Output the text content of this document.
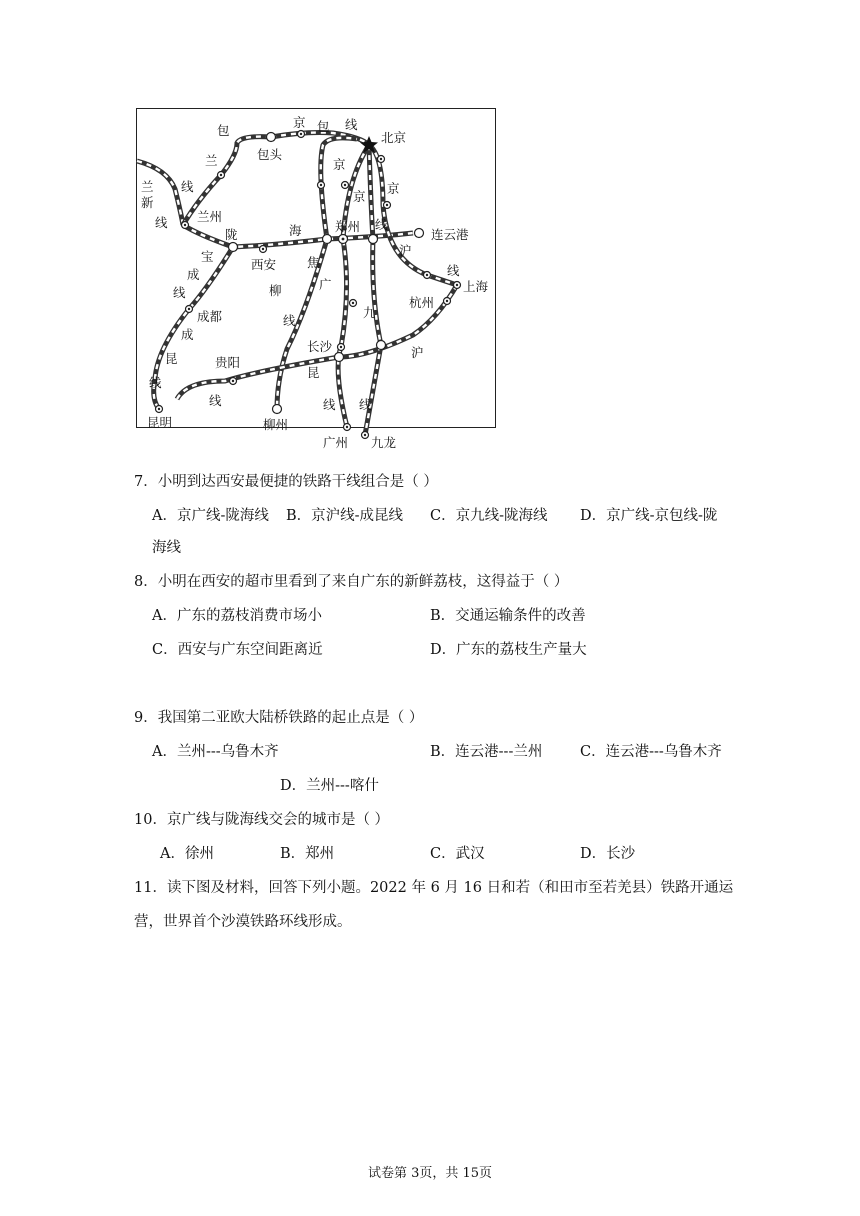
包
兰
兰
新
线
线
京 包 线
北京
包头
京
京
京
兰州
陇	海	郑州 线
连云港
宝
西安 焦
沪
线
上海
成
线	柳	广
杭州
成都
成
线
九
昆	贵阳
长沙	沪
线
昆
线	线 线
昆明	柳州
广州 九龙
7．小明到达西安最便捷的铁路干线组合是（ ）
A．京广线-陇海线 B．京沪线-成昆线 C．京九线-陇海线 D．京广线-京包线-陇
海线
8．小明在西安的超市里看到了来自广东的新鲜荔枝，这得益于（ ）
A．广东的荔枝消费市场小	B．交通运输条件的改善
C．西安与广东空间距离近	D．广东的荔枝生产量大
9．我国第二亚欧大陆桥铁路的起止点是（ ）
A．兰州---乌鲁木齐	B．连云港---兰州	C．连云港---乌鲁木齐
D．兰州---喀什
10．京广线与陇海线交会的城市是（ ）
A．徐州	B．郑州	C．武汉	D．长沙
11．读下图及材料，回答下列小题。2022 年 6 月 16 日和若（和田市至若羌县）铁路开通运
营，世界首个沙漠铁路环线形成。
试卷第 3页，共 15页
